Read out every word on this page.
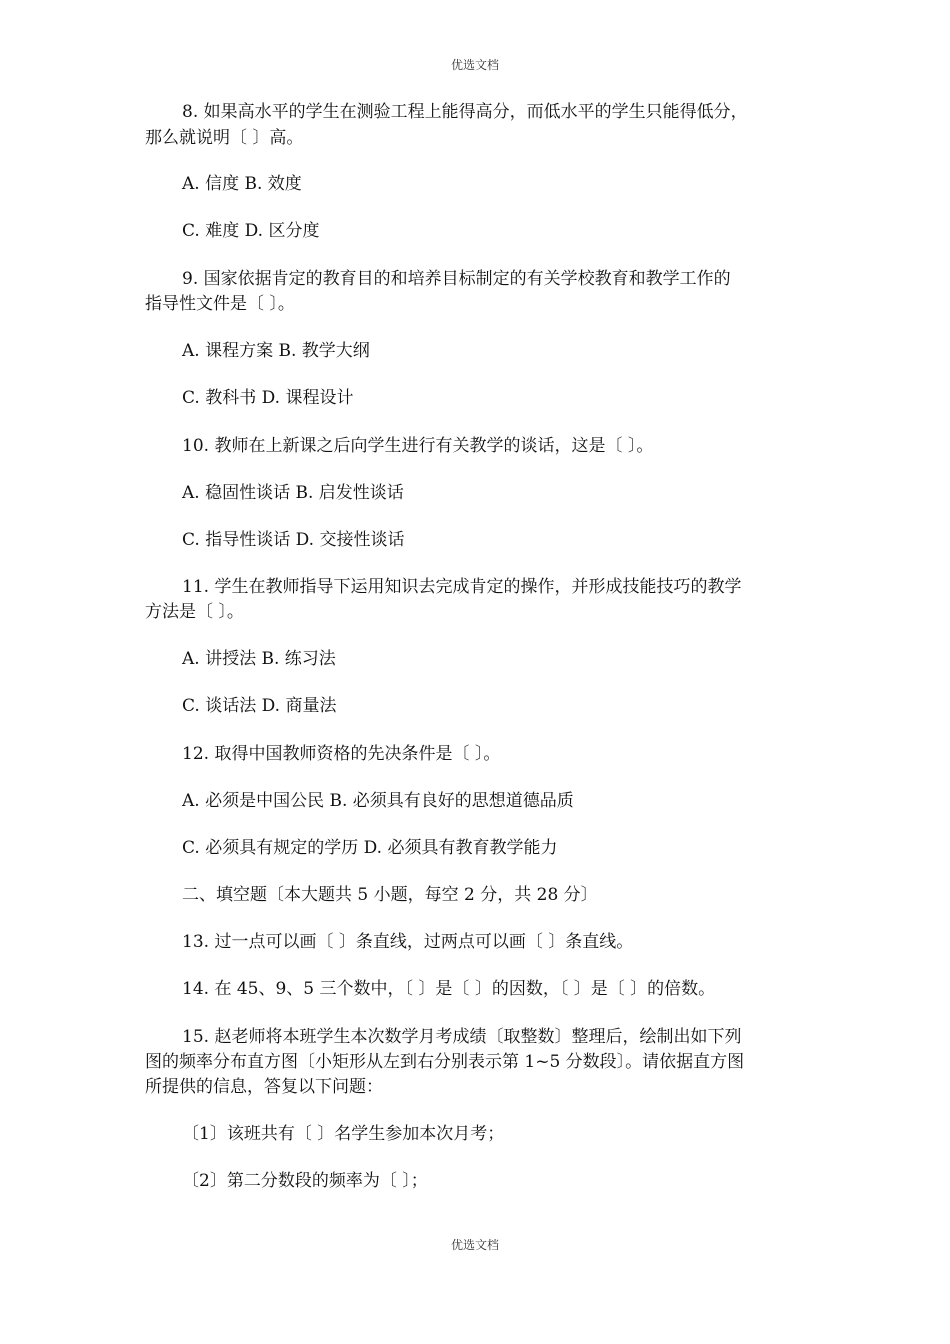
优选文档
8. 如果高水平的学生在测验工程上能得高分，而低水平的学生只能得低分，
那么就说明〔 〕高。
A. 信度 B. 效度
C. 难度 D. 区分度
9. 国家依据肯定的教育目的和培养目标制定的有关学校教育和教学工作的
指导性文件是〔 〕。
A. 课程方案 B. 教学大纲
C. 教科书 D. 课程设计
10. 教师在上新课之后向学生进行有关教学的谈话，这是〔 〕。
A. 稳固性谈话 B. 启发性谈话
C. 指导性谈话 D. 交接性谈话
11. 学生在教师指导下运用知识去完成肯定的操作，并形成技能技巧的教学
方法是〔 〕。
A. 讲授法 B. 练习法
C. 谈话法 D. 商量法
12. 取得中国教师资格的先决条件是〔 〕。
A. 必须是中国公民 B. 必须具有良好的思想道德品质
C. 必须具有规定的学历 D. 必须具有教育教学能力
二、填空题〔本大题共 5 小题，每空 2 分，共 28 分〕
13. 过一点可以画〔 〕条直线，过两点可以画〔 〕条直线。
14. 在 45、9、5 三个数中，〔 〕是〔 〕的因数，〔 〕是〔 〕的倍数。
15. 赵老师将本班学生本次数学月考成绩〔取整数〕整理后，绘制出如下列
图的频率分布直方图〔小矩形从左到右分别表示第 1~5 分数段〕。请依据直方图
所提供的信息，答复以下问题：
〔1〕该班共有〔 〕名学生参加本次月考；
〔2〕第二分数段的频率为〔 〕；
优选文档
